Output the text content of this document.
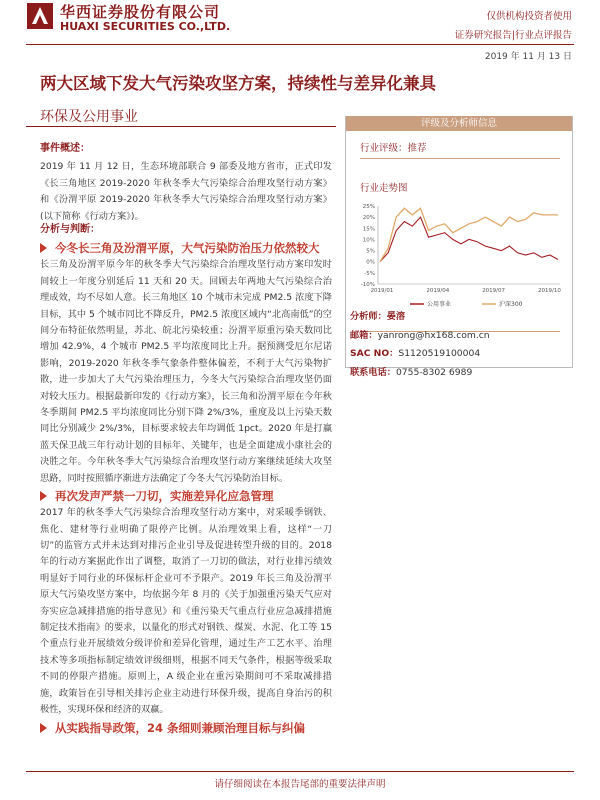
华西证券股份有限公司
HUAXI SECURITIES CO.,LTD.
仅供机构投资者使用
证券研究报告|行业点评报告
2019 年 11 月 13 日
两大区域下发大气污染攻坚方案，持续性与差异化兼具
环保及公用事业
事件概述：
2019 年 11 月 12 日，生态环境部联合 9 部委及地方省市，正式印发《长三角地区 2019-2020 年秋冬季大气污染综合治理攻坚行动方案》和《汾渭平原 2019-2020 年秋冬季大气污染综合治理攻坚行动方案》(以下简称《行动方案》)。
分析与判断：
今冬长三角及汾渭平原，大气污染防治压力依然较大
长三角及汾渭平原今年的秋冬季大气污染综合治理攻坚行动方案印发时间较上一年度分别延后 11 天和 20 天。回顾去年两地大气污染综合治理成效，均不尽如人意。长三角地区 10 个城市未完成 PM2.5 浓度下降目标，其中 5 个城市同比不降反升，PM2.5 浓度区域内“北高南低”的空间分布特征依然明显，苏北、皖北污染较重；汾渭平原重污染天数同比增加 42.9%，4 个城市 PM2.5 平均浓度同比上升。据预测受厄尔尼诺影响，2019-2020 年秋冬季气象条件整体偏差，不利于大气污染物扩散，进一步加大了大气污染治理压力，今冬大气污染综合治理攻坚仍面对较大压力。根据最新印发的《行动方案》，长三角和汾渭平原在今年秋冬季期间 PM2.5 平均浓度同比分别下降 2%/3%，重度及以上污染天数同比分别减少 2%/3%，目标要求较去年均调低 1pct。2020 年是打赢蓝天保卫战三年行动计划的目标年、关键年，也是全面建成小康社会的决胜之年。今年秋冬季大气污染综合治理攻坚行动方案继续延续大攻坚思路，同时按照循序渐进方法确定了今冬大气污染防治目标。
再次发声严禁一刀切，实施差异化应急管理
2017 年的秋冬季大气污染综合治理攻坚行动方案中，对采暖季钢铁、焦化、建材等行业明确了限停产比例。从治理效果上看，这样“一刀切”的监管方式并未达到对排污企业引导及促进转型升级的目的。2018 年的行动方案据此作出了调整，取消了一刀切的做法，对行业排污绩效明显好于同行业的环保标杆企业可不予限产。2019 年长三角及汾渭平原大气污染攻坚方案中，均依据今年 8 月的《关于加强重污染天气应对夯实应急减排措施的指导意见》和《重污染天气重点行业应急减排措施制定技术指南》的要求，以量化的形式对钢铁、煤炭、水泥、化工等 15 个重点行业开展绩效分级评价和差异化管理，通过生产工艺水平、治理技术等多项指标制定绩效评级细则，根据不同天气条件，根据等级采取不同的停限产措施。原则上，A 级企业在重污染期间可不采取减排措施，政策旨在引导相关排污企业主动进行环保升级，提高自身治污的积极性，实现环保和经济的双赢。
从实践指导政策，24 条细则兼顾治理目标与纠偏
评级及分析师信息
行业评级：推荐
行业走势图
-10%
-5%
0%
5%
10%
15%
20%
25%
2019/01	2019/04	2019/07	2019/10
公用事业	沪深300
分析师：晏溶
邮箱：yanrong@hx168.com.cn
SAC NO：S1120519100004
联系电话：0755-8302 6989
请仔细阅读在本报告尾部的重要法律声明
